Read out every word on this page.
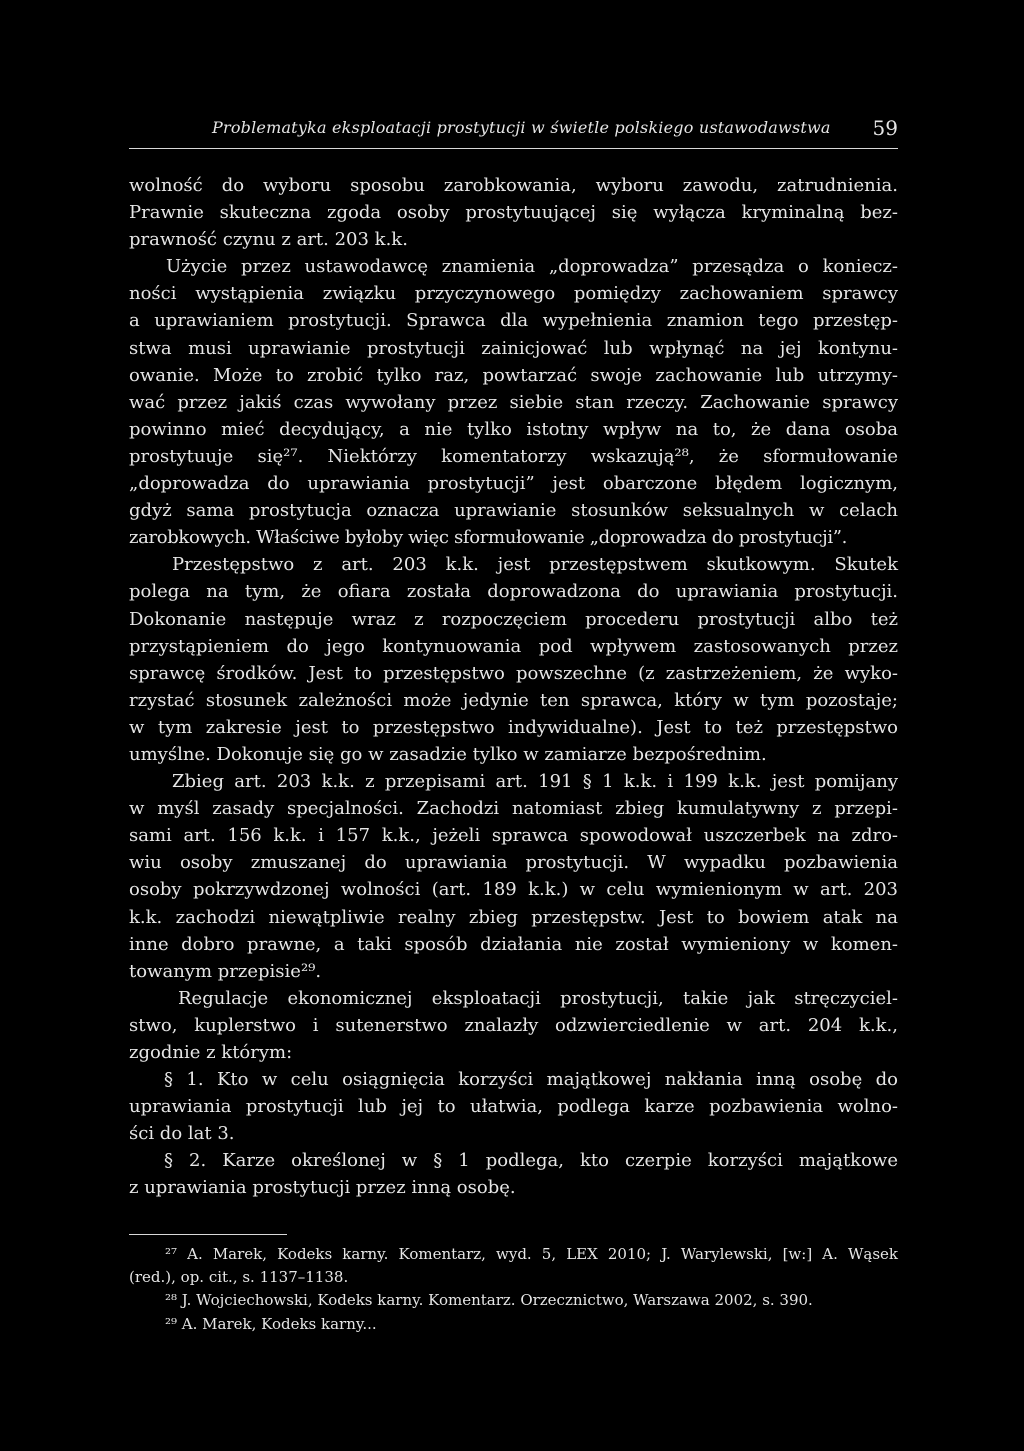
Problematyka eksploatacji prostytucji w świetle polskiego ustawodawstwa 59
wolność do wyboru sposobu zarobkowania, wyboru zawodu, zatrudnienia.
Prawnie skuteczna zgoda osoby prostytuującej się wyłącza kryminalną bez-
prawność czynu z art. 203 k.k.
Użycie przez ustawodawcę znamienia „doprowadza” przesądza o koniecz-
ności wystąpienia związku przyczynowego pomiędzy zachowaniem sprawcy
a uprawianiem prostytucji. Sprawca dla wypełnienia znamion tego przestęp-
stwa musi uprawianie prostytucji zainicjować lub wpłynąć na jej kontynu-
owanie. Może to zrobić tylko raz, powtarzać swoje zachowanie lub utrzymy-
wać przez jakiś czas wywołany przez siebie stan rzeczy. Zachowanie sprawcy
powinno mieć decydujący, a nie tylko istotny wpływ na to, że dana osoba
prostytuuje się²⁷. Niektórzy komentatorzy wskazują²⁸, że sformułowanie
„doprowadza do uprawiania prostytucji” jest obarczone błędem logicznym,
gdyż sama prostytucja oznacza uprawianie stosunków seksualnych w celach
zarobkowych. Właściwe byłoby więc sformułowanie „doprowadza do prostytucji”.
Przestępstwo z art. 203 k.k. jest przestępstwem skutkowym. Skutek
polega na tym, że ofiara została doprowadzona do uprawiania prostytucji.
Dokonanie następuje wraz z rozpoczęciem procederu prostytucji albo też
przystąpieniem do jego kontynuowania pod wpływem zastosowanych przez
sprawcę środków. Jest to przestępstwo powszechne (z zastrzeżeniem, że wyko-
rzystać stosunek zależności może jedynie ten sprawca, który w tym pozostaje;
w tym zakresie jest to przestępstwo indywidualne). Jest to też przestępstwo
umyślne. Dokonuje się go w zasadzie tylko w zamiarze bezpośrednim.
Zbieg art. 203 k.k. z przepisami art. 191 § 1 k.k. i 199 k.k. jest pomijany
w myśl zasady specjalności. Zachodzi natomiast zbieg kumulatywny z przepi-
sami art. 156 k.k. i 157 k.k., jeżeli sprawca spowodował uszczerbek na zdro-
wiu osoby zmuszanej do uprawiania prostytucji. W wypadku pozbawienia
osoby pokrzywdzonej wolności (art. 189 k.k.) w celu wymienionym w art. 203
k.k. zachodzi niewątpliwie realny zbieg przestępstw. Jest to bowiem atak na
inne dobro prawne, a taki sposób działania nie został wymieniony w komen-
towanym przepisie²⁹.
Regulacje ekonomicznej eksploatacji prostytucji, takie jak stręczyciel-
stwo, kuplerstwo i sutenerstwo znalazły odzwierciedlenie w art. 204 k.k.,
zgodnie z którym:
§ 1. Kto w celu osiągnięcia korzyści majątkowej nakłania inną osobę do
uprawiania prostytucji lub jej to ułatwia, podlega karze pozbawienia wolno-
ści do lat 3.
§ 2. Karze określonej w § 1 podlega, kto czerpie korzyści majątkowe
z uprawiania prostytucji przez inną osobę.
²⁷ A. Marek, Kodeks karny. Komentarz, wyd. 5, LEX 2010; J. Warylewski, [w:] A. Wąsek
(red.), op. cit., s. 1137–1138.
²⁸ J. Wojciechowski, Kodeks karny. Komentarz. Orzecznictwo, Warszawa 2002, s. 390.
²⁹ A. Marek, Kodeks karny...
